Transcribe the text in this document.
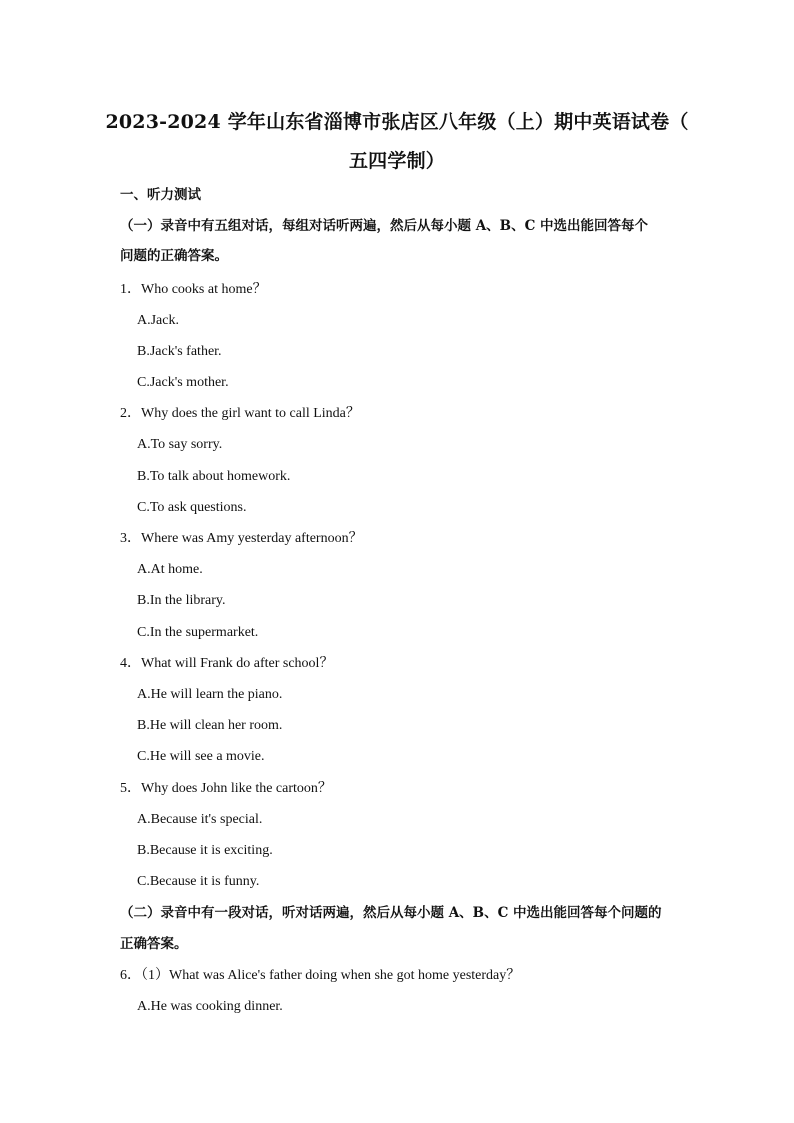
2023-2024 学年山东省淄博市张店区八年级（上）期中英语试卷（
五四学制）
一、听力测试
（一）录音中有五组对话，每组对话听两遍，然后从每小题 A、B、C 中选出能回答每个
问题的正确答案。
1．Who cooks at home？
A.Jack.
B.Jack's father.
C.Jack's mother.
2．Why does the girl want to call Linda？
A.To say sorry.
B.To talk about homework.
C.To ask questions.
3．Where was Amy yesterday afternoon？
A.At home.
B.In the library.
C.In the supermarket.
4．What will Frank do after school？
A.He will learn the piano.
B.He will clean her room.
C.He will see a movie.
5．Why does John like the cartoon？
A.Because it's special.
B.Because it is exciting.
C.Because it is funny.
（二）录音中有一段对话，听对话两遍，然后从每小题 A、B、C 中选出能回答每个问题的
正确答案。
6．（1）What was Alice's father doing when she got home yesterday？
A.He was cooking dinner.
